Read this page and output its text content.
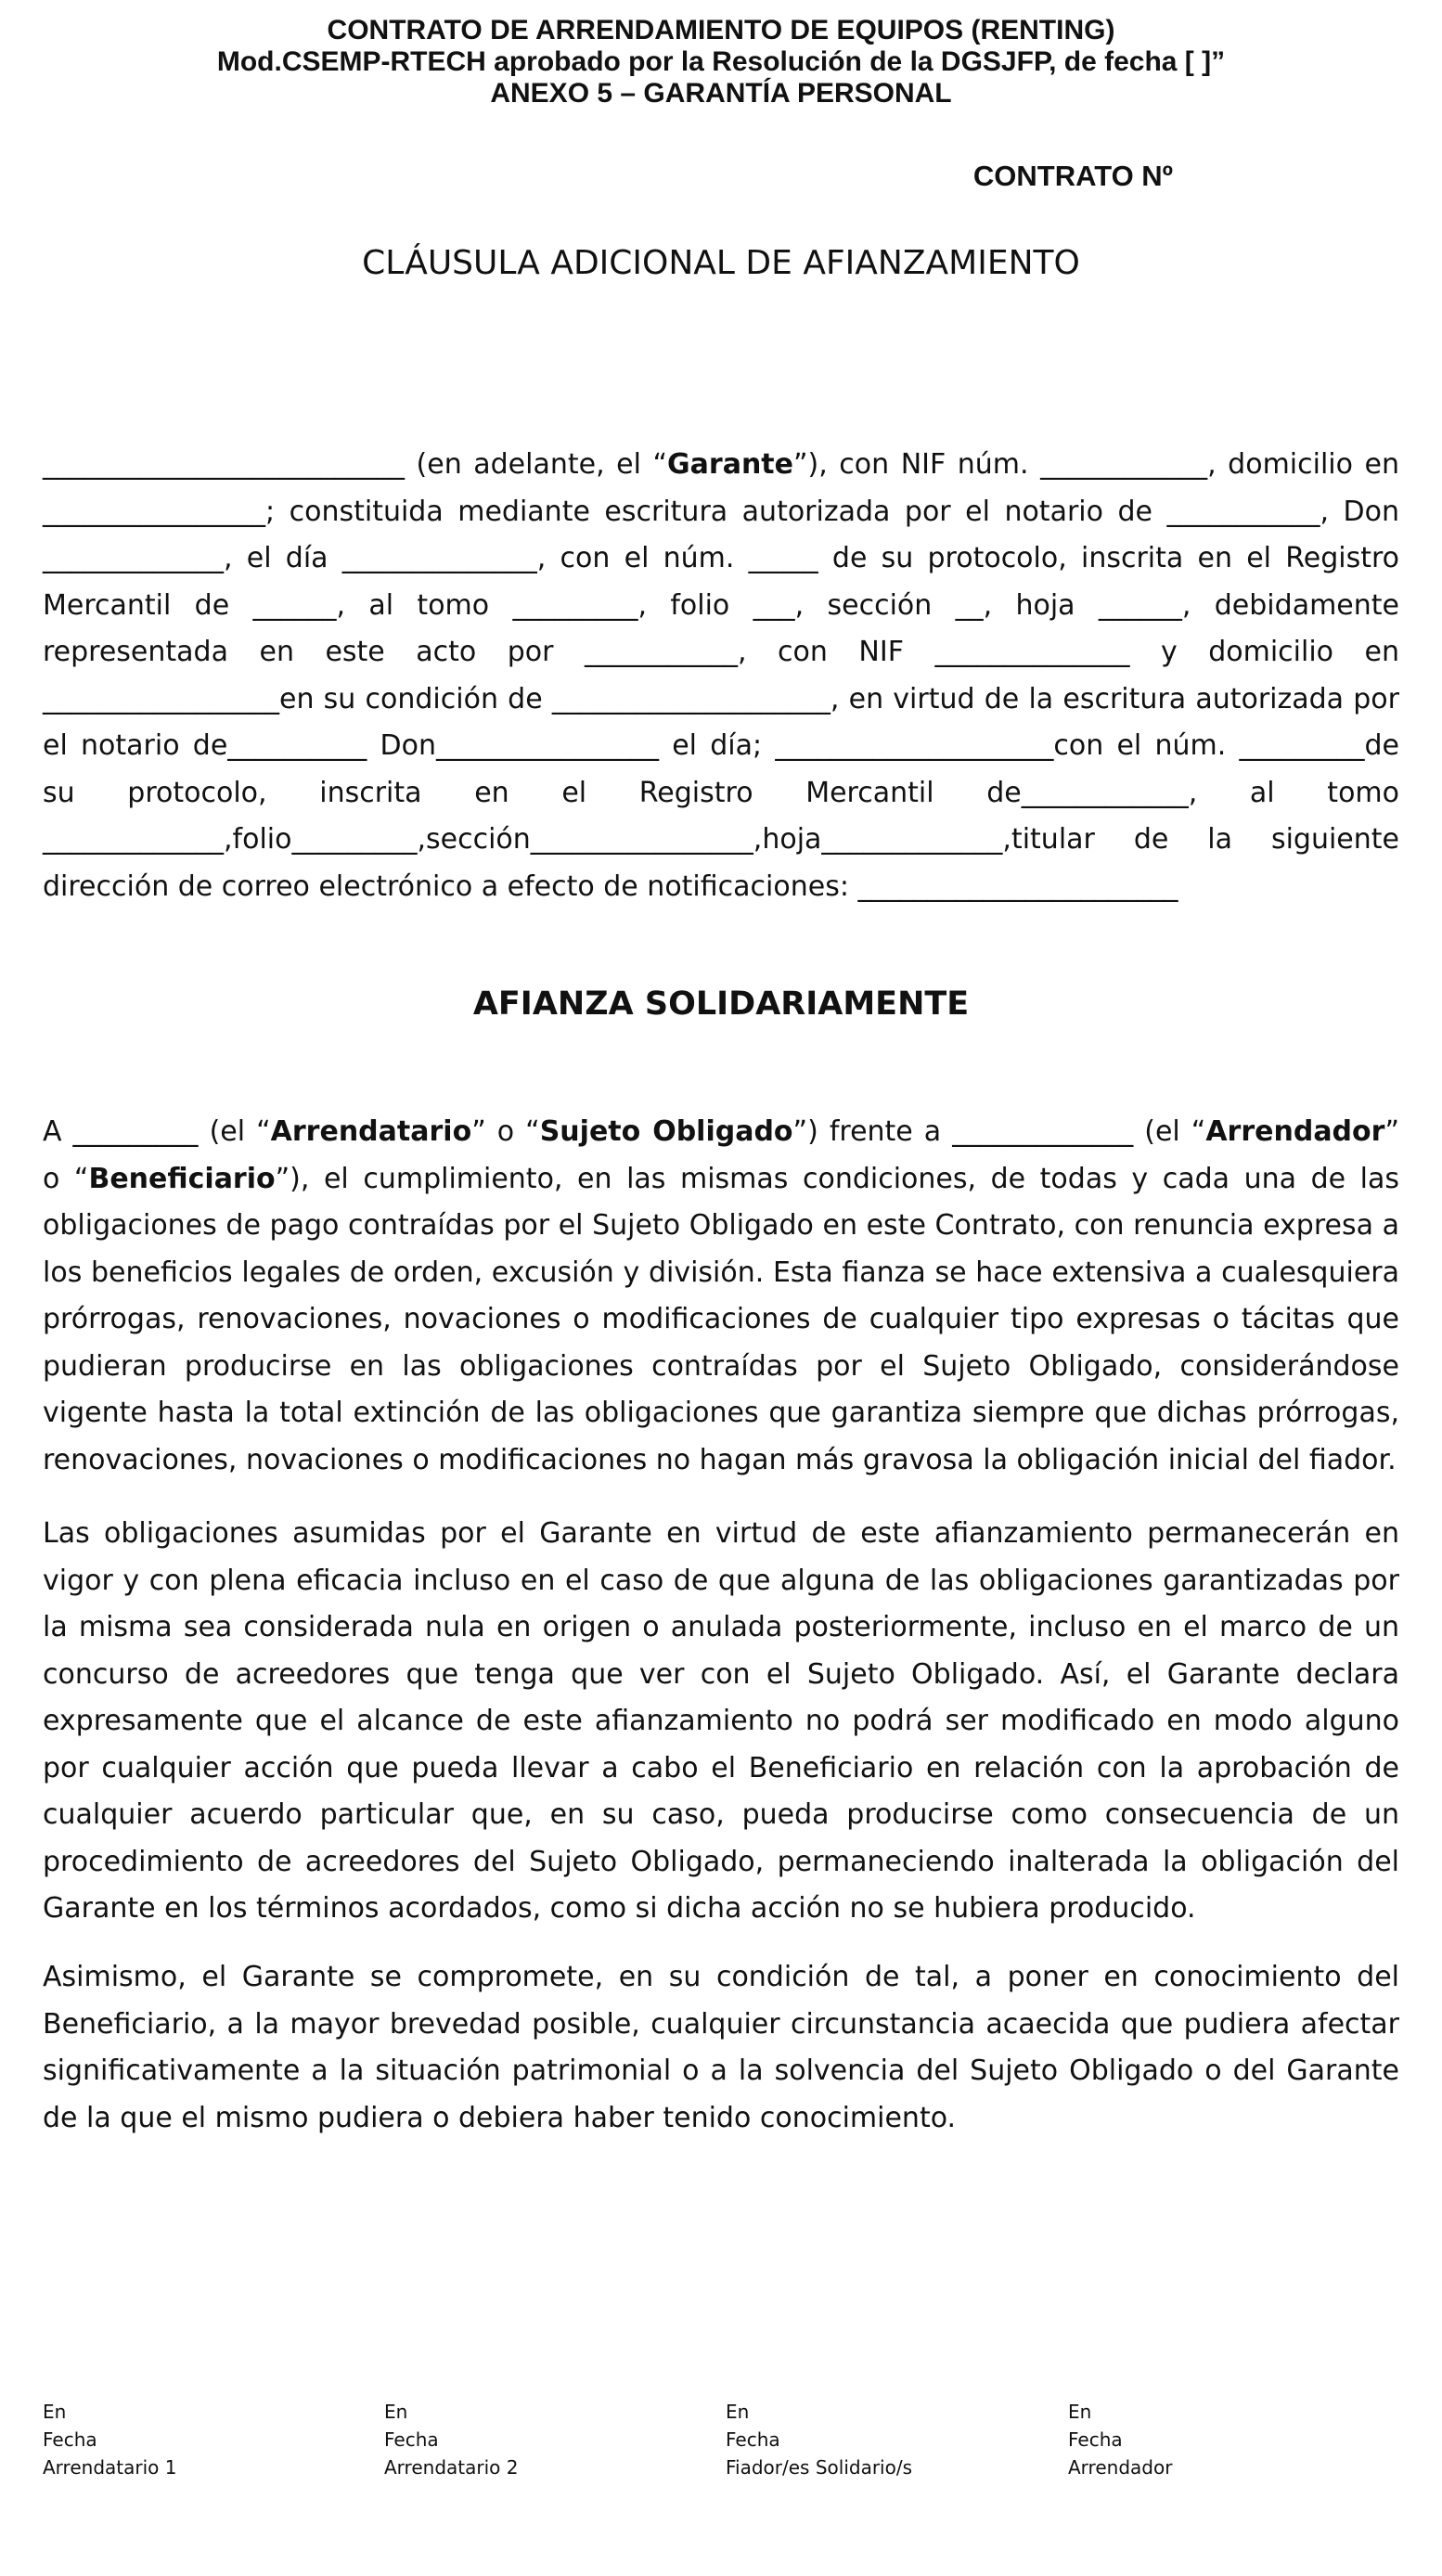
CONTRATO DE ARRENDAMIENTO DE EQUIPOS (RENTING)
Mod.CSEMP-RTECH aprobado por la Resolución de la DGSJFP, de fecha [ ]”
ANEXO 5 – GARANTÍA PERSONAL
CONTRATO Nº
CLÁUSULA ADICIONAL DE AFIANZAMIENTO
__________________________ (en adelante, el “Garante”), con NIF núm. ____________, domicilio en ________________; constituida mediante escritura autorizada por el notario de ___________, Don _____________, el día ______________, con el núm. _____ de su protocolo, inscrita en el Registro Mercantil de ______, al tomo _________, folio ___, sección __, hoja ______, debidamente representada en este acto por ___________, con NIF ______________ y domicilio en _________________en su condición de ____________________, en virtud de la escritura autorizada por el notario de__________ Don________________ el día; ____________________con el núm. _________de su protocolo, inscrita en el Registro Mercantil de____________, al tomo _____________,folio_________,sección________________,hoja_____________,titular de la siguiente dirección de correo electrónico a efecto de notificaciones: _______________________
AFIANZA SOLIDARIAMENTE
A _________ (el “Arrendatario” o “Sujeto Obligado”) frente a _____________ (el “Arrendador” o “Beneficiario”), el cumplimiento, en las mismas condiciones, de todas y cada una de las obligaciones de pago contraídas por el Sujeto Obligado en este Contrato, con renuncia expresa a los beneficios legales de orden, excusión y división. Esta fianza se hace extensiva a cualesquiera prórrogas, renovaciones, novaciones o modificaciones de cualquier tipo expresas o tácitas que pudieran producirse en las obligaciones contraídas por el Sujeto Obligado, considerándose vigente hasta la total extinción de las obligaciones que garantiza siempre que dichas prórrogas, renovaciones, novaciones o modificaciones no hagan más gravosa la obligación inicial del fiador.
Las obligaciones asumidas por el Garante en virtud de este afianzamiento permanecerán en vigor y con plena eficacia incluso en el caso de que alguna de las obligaciones garantizadas por la misma sea considerada nula en origen o anulada posteriormente, incluso en el marco de un concurso de acreedores que tenga que ver con el Sujeto Obligado. Así, el Garante declara expresamente que el alcance de este afianzamiento no podrá ser modificado en modo alguno por cualquier acción que pueda llevar a cabo el Beneficiario en relación con la aprobación de cualquier acuerdo particular que, en su caso, pueda producirse como consecuencia de un procedimiento de acreedores del Sujeto Obligado, permaneciendo inalterada la obligación del Garante en los términos acordados, como si dicha acción no se hubiera producido.
Asimismo, el Garante se compromete, en su condición de tal, a poner en conocimiento del Beneficiario, a la mayor brevedad posible, cualquier circunstancia acaecida que pudiera afectar significativamente a la situación patrimonial o a la solvencia del Sujeto Obligado o del Garante de la que el mismo pudiera o debiera haber tenido conocimiento.
En
Fecha
Arrendatario 1
En
Fecha
Arrendatario 2
En
Fecha
Fiador/es Solidario/s
En
Fecha
Arrendador
